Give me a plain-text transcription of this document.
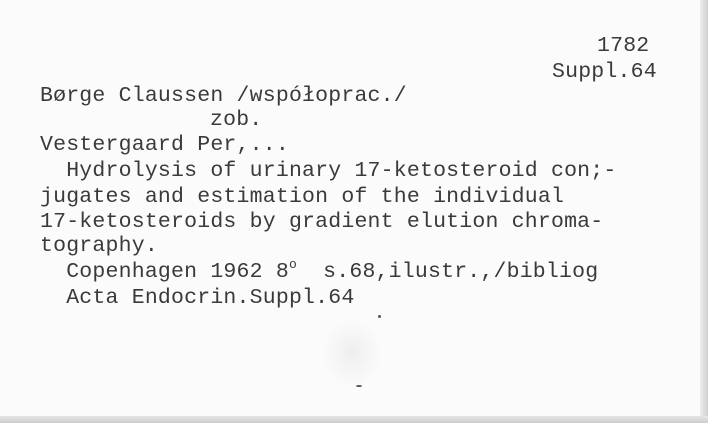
1782
Suppl.64
Børge Claussen /współoprac./
zob.
Vestergaard Per,...
Hydrolysis of urinary 17-ketosteroid con;-
jugates and estimation of the individual
17-ketosteroids by gradient elution chroma-
tography.
Copenhagen 1962 8$^o$  s.68,ilustr.,/bibliog
Acta Endocrin.Suppl.64
